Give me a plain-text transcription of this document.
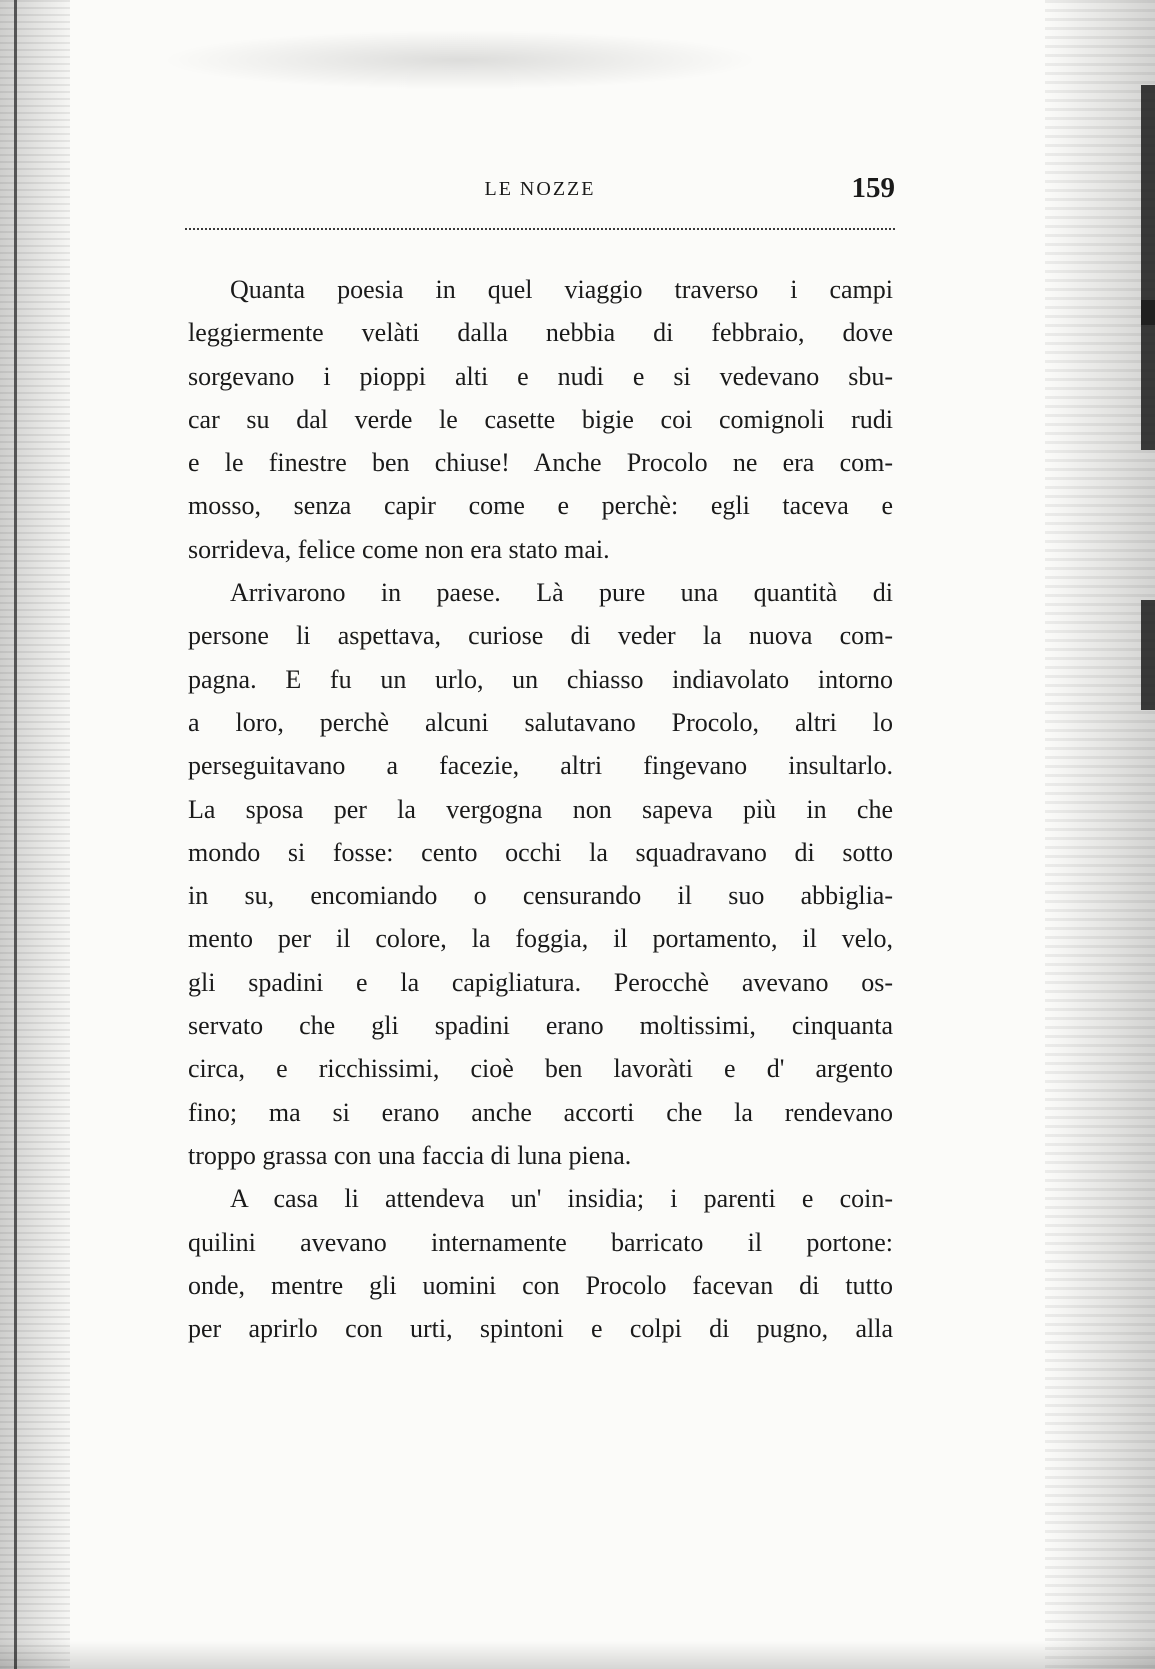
LE NOZZE	159
Quanta poesia in quel viaggio traverso i campi
leggiermente velàti dalla nebbia di febbraio, dove
sorgevano i pioppi alti e nudi e si vedevano sbu-
car su dal verde le casette bigie coi comignoli rudi
e le finestre ben chiuse! Anche Procolo ne era com-
mosso, senza capir come e perchè: egli taceva e
sorrideva, felice come non era stato mai.
Arrivarono in paese. Là pure una quantità di
persone li aspettava, curiose di veder la nuova com-
pagna. E fu un urlo, un chiasso indiavolato intorno
a loro, perchè alcuni salutavano Procolo, altri lo
perseguitavano a facezie, altri fingevano insultarlo.
La sposa per la vergogna non sapeva più in che
mondo si fosse: cento occhi la squadravano di sotto
in su, encomiando o censurando il suo abbiglia-
mento per il colore, la foggia, il portamento, il velo,
gli spadini e la capigliatura. Perocchè avevano os-
servato che gli spadini erano moltissimi, cinquanta
circa, e ricchissimi, cioè ben lavoràti e d' argento
fino; ma si erano anche accorti che la rendevano
troppo grassa con una faccia di luna piena.
A casa li attendeva un' insidia; i parenti e coin-
quilini avevano internamente barricato il portone:
onde, mentre gli uomini con Procolo facevan di tutto
per aprirlo con urti, spintoni e colpi di pugno, alla
